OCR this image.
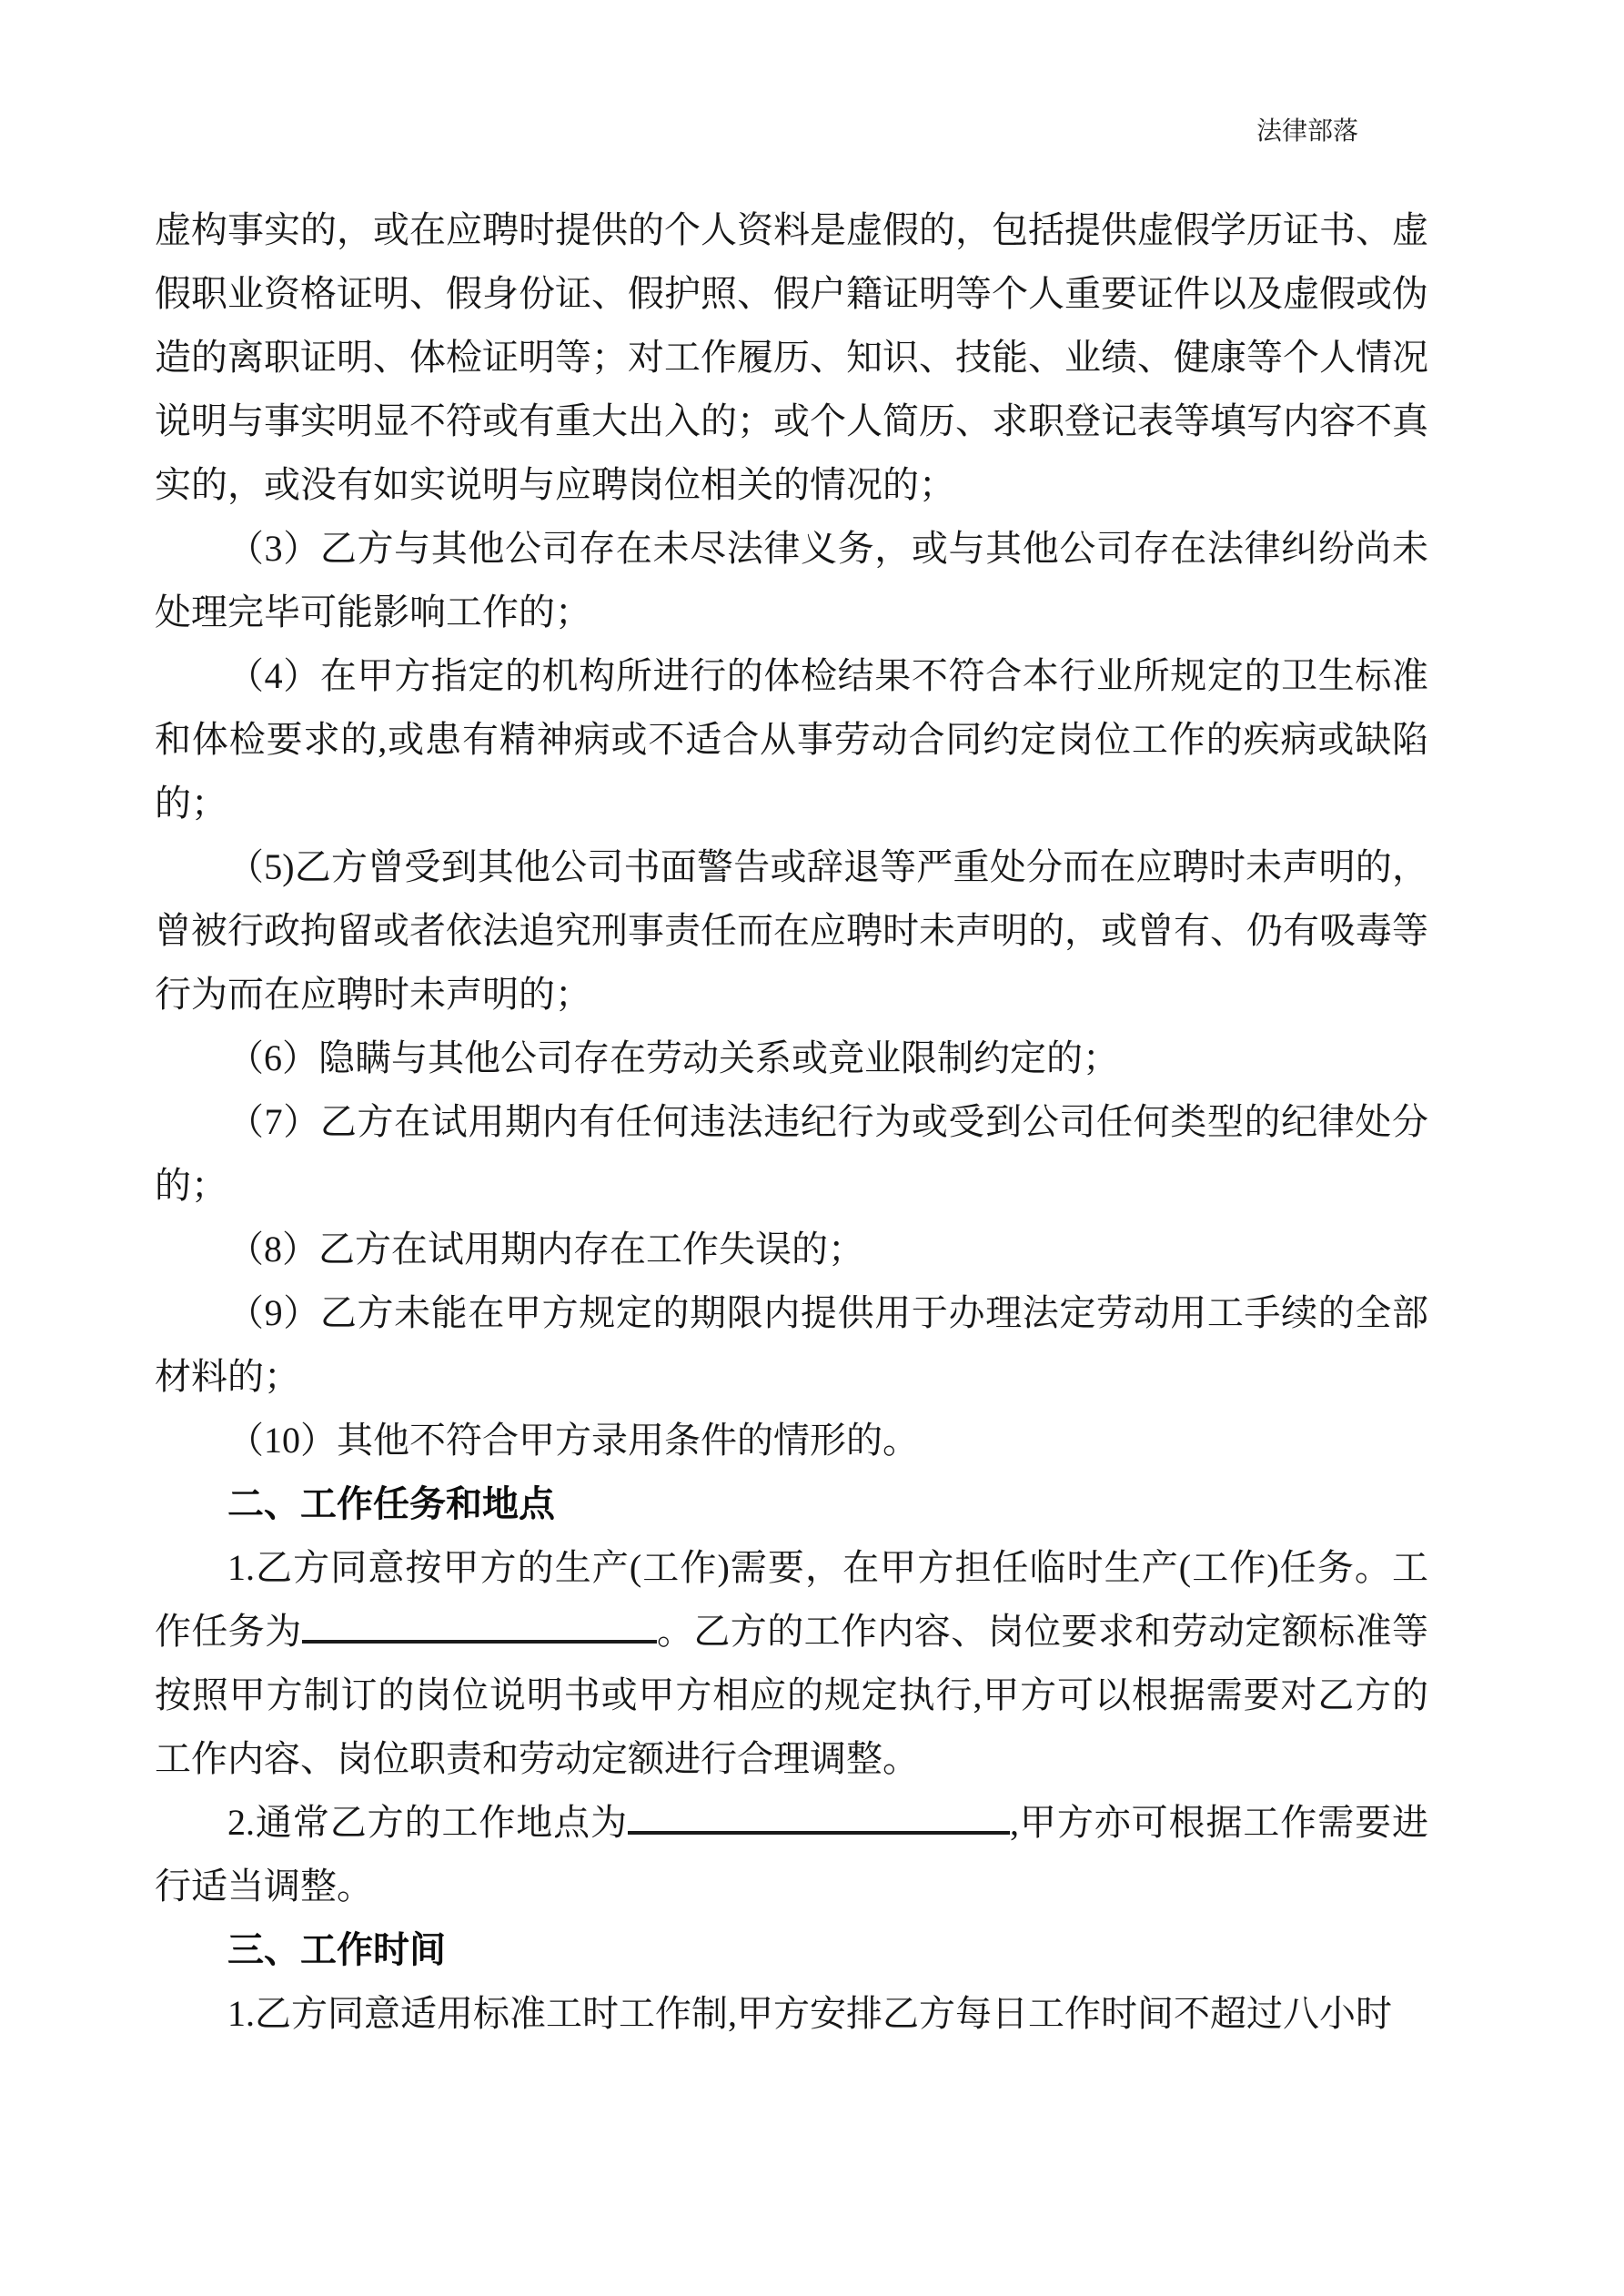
法律部落

虚构事实的，或在应聘时提供的个人资料是虚假的，包括提供虚假学历证书、虚假职业资格证明、假身份证、假护照、假户籍证明等个人重要证件以及虚假或伪造的离职证明、体检证明等；对工作履历、知识、技能、业绩、健康等个人情况说明与事实明显不符或有重大出入的；或个人简历、求职登记表等填写内容不真实的，或没有如实说明与应聘岗位相关的情况的；

（3）乙方与其他公司存在未尽法律义务，或与其他公司存在法律纠纷尚未处理完毕可能影响工作的；

（4）在甲方指定的机构所进行的体检结果不符合本行业所规定的卫生标准和体检要求的,或患有精神病或不适合从事劳动合同约定岗位工作的疾病或缺陷的；

（5)乙方曾受到其他公司书面警告或辞退等严重处分而在应聘时未声明的，曾被行政拘留或者依法追究刑事责任而在应聘时未声明的，或曾有、仍有吸毒等行为而在应聘时未声明的；

（6）隐瞒与其他公司存在劳动关系或竞业限制约定的；

（7）乙方在试用期内有任何违法违纪行为或受到公司任何类型的纪律处分的；

（8）乙方在试用期内存在工作失误的；

（9）乙方未能在甲方规定的期限内提供用于办理法定劳动用工手续的全部材料的；

（10）其他不符合甲方录用条件的情形的。

二、工作任务和地点

1.乙方同意按甲方的生产(工作)需要，在甲方担任临时生产(工作)任务。工作任务为	。乙方的工作内容、岗位要求和劳动定额标准等按照甲方制订的岗位说明书或甲方相应的规定执行,甲方可以根据需要对乙方的工作内容、岗位职责和劳动定额进行合理调整。

2.通常乙方的工作地点为	,甲方亦可根据工作需要进行适当调整。

三、工作时间

1.乙方同意适用标准工时工作制,甲方安排乙方每日工作时间不超过八小时
